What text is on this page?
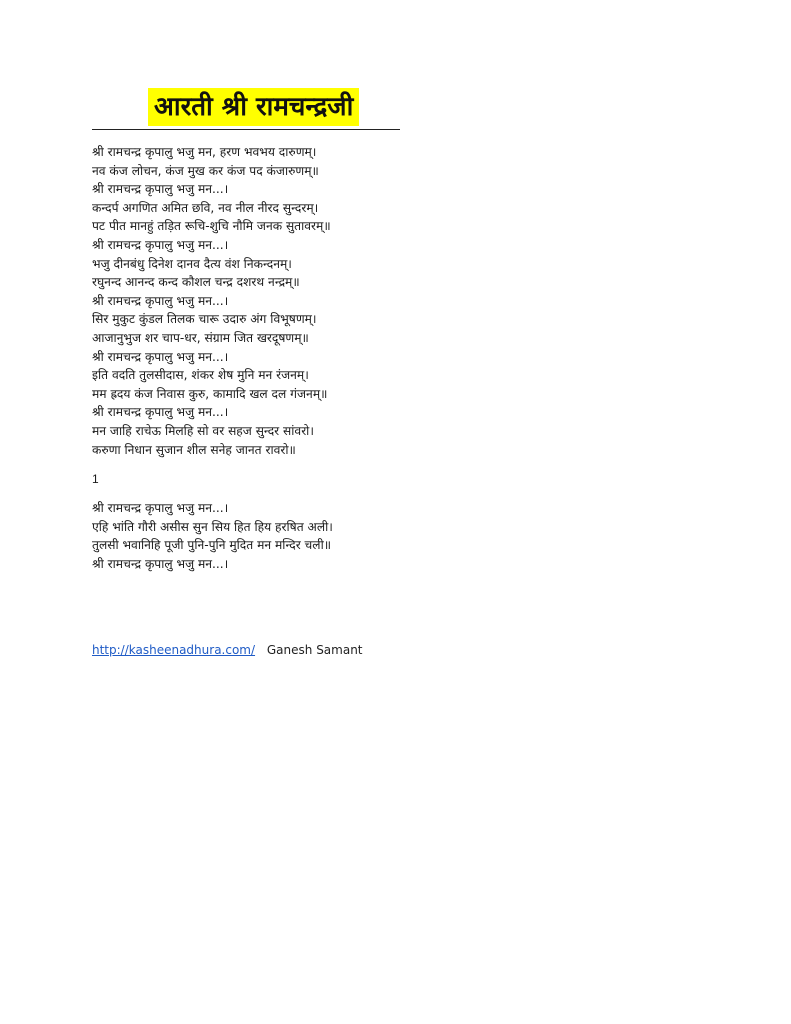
आरती श्री रामचन्द्रजी
श्री रामचन्द्र कृपालु भजु मन, हरण भवभय दारुणम्।
नव कंज लोचन, कंज मुख कर कंज पद कंजारुणम्॥
श्री रामचन्द्र कृपालु भजु मन...।
कन्दर्प अगणित अमित छवि, नव नील नीरद सुन्दरम्।
पट पीत मानहुं तड़ित रूचि-शुचि नौमि जनक सुतावरम्॥
श्री रामचन्द्र कृपालु भजु मन...।
भजु दीनबंधु दिनेश दानव दैत्य वंश निकन्दनम्।
रघुनन्द आनन्द कन्द कौशल चन्द्र दशरथ नन्द्रम्॥
श्री रामचन्द्र कृपालु भजु मन...।
सिर मुकुट कुंडल तिलक चारू उदारु अंग विभूषणम्।
आजानुभुज शर चाप-धर, संग्राम जित खरदूषणम्॥
श्री रामचन्द्र कृपालु भजु मन...।
इति वदति तुलसीदास, शंकर शेष मुनि मन रंजनम्।
मम ह्रदय कंज निवास कुरु, कामादि खल दल गंजनम्॥
श्री रामचन्द्र कृपालु भजु मन...।
मन जाहि राचेऊ मिलहि सो वर सहज सुन्दर सांवरो।
करुणा निधान सुजान शील सनेह जानत रावरो॥
1
श्री रामचन्द्र कृपालु भजु मन...।
एहि भांति गौरी असीस सुन सिय हित हिय हरषित अली।
तुलसी भवानिहि पूजी पुनि-पुनि मुदित मन मन्दिर चली॥
श्री रामचन्द्र कृपालु भजु मन...।
http://kasheenadhura.com/ Ganesh Samant
